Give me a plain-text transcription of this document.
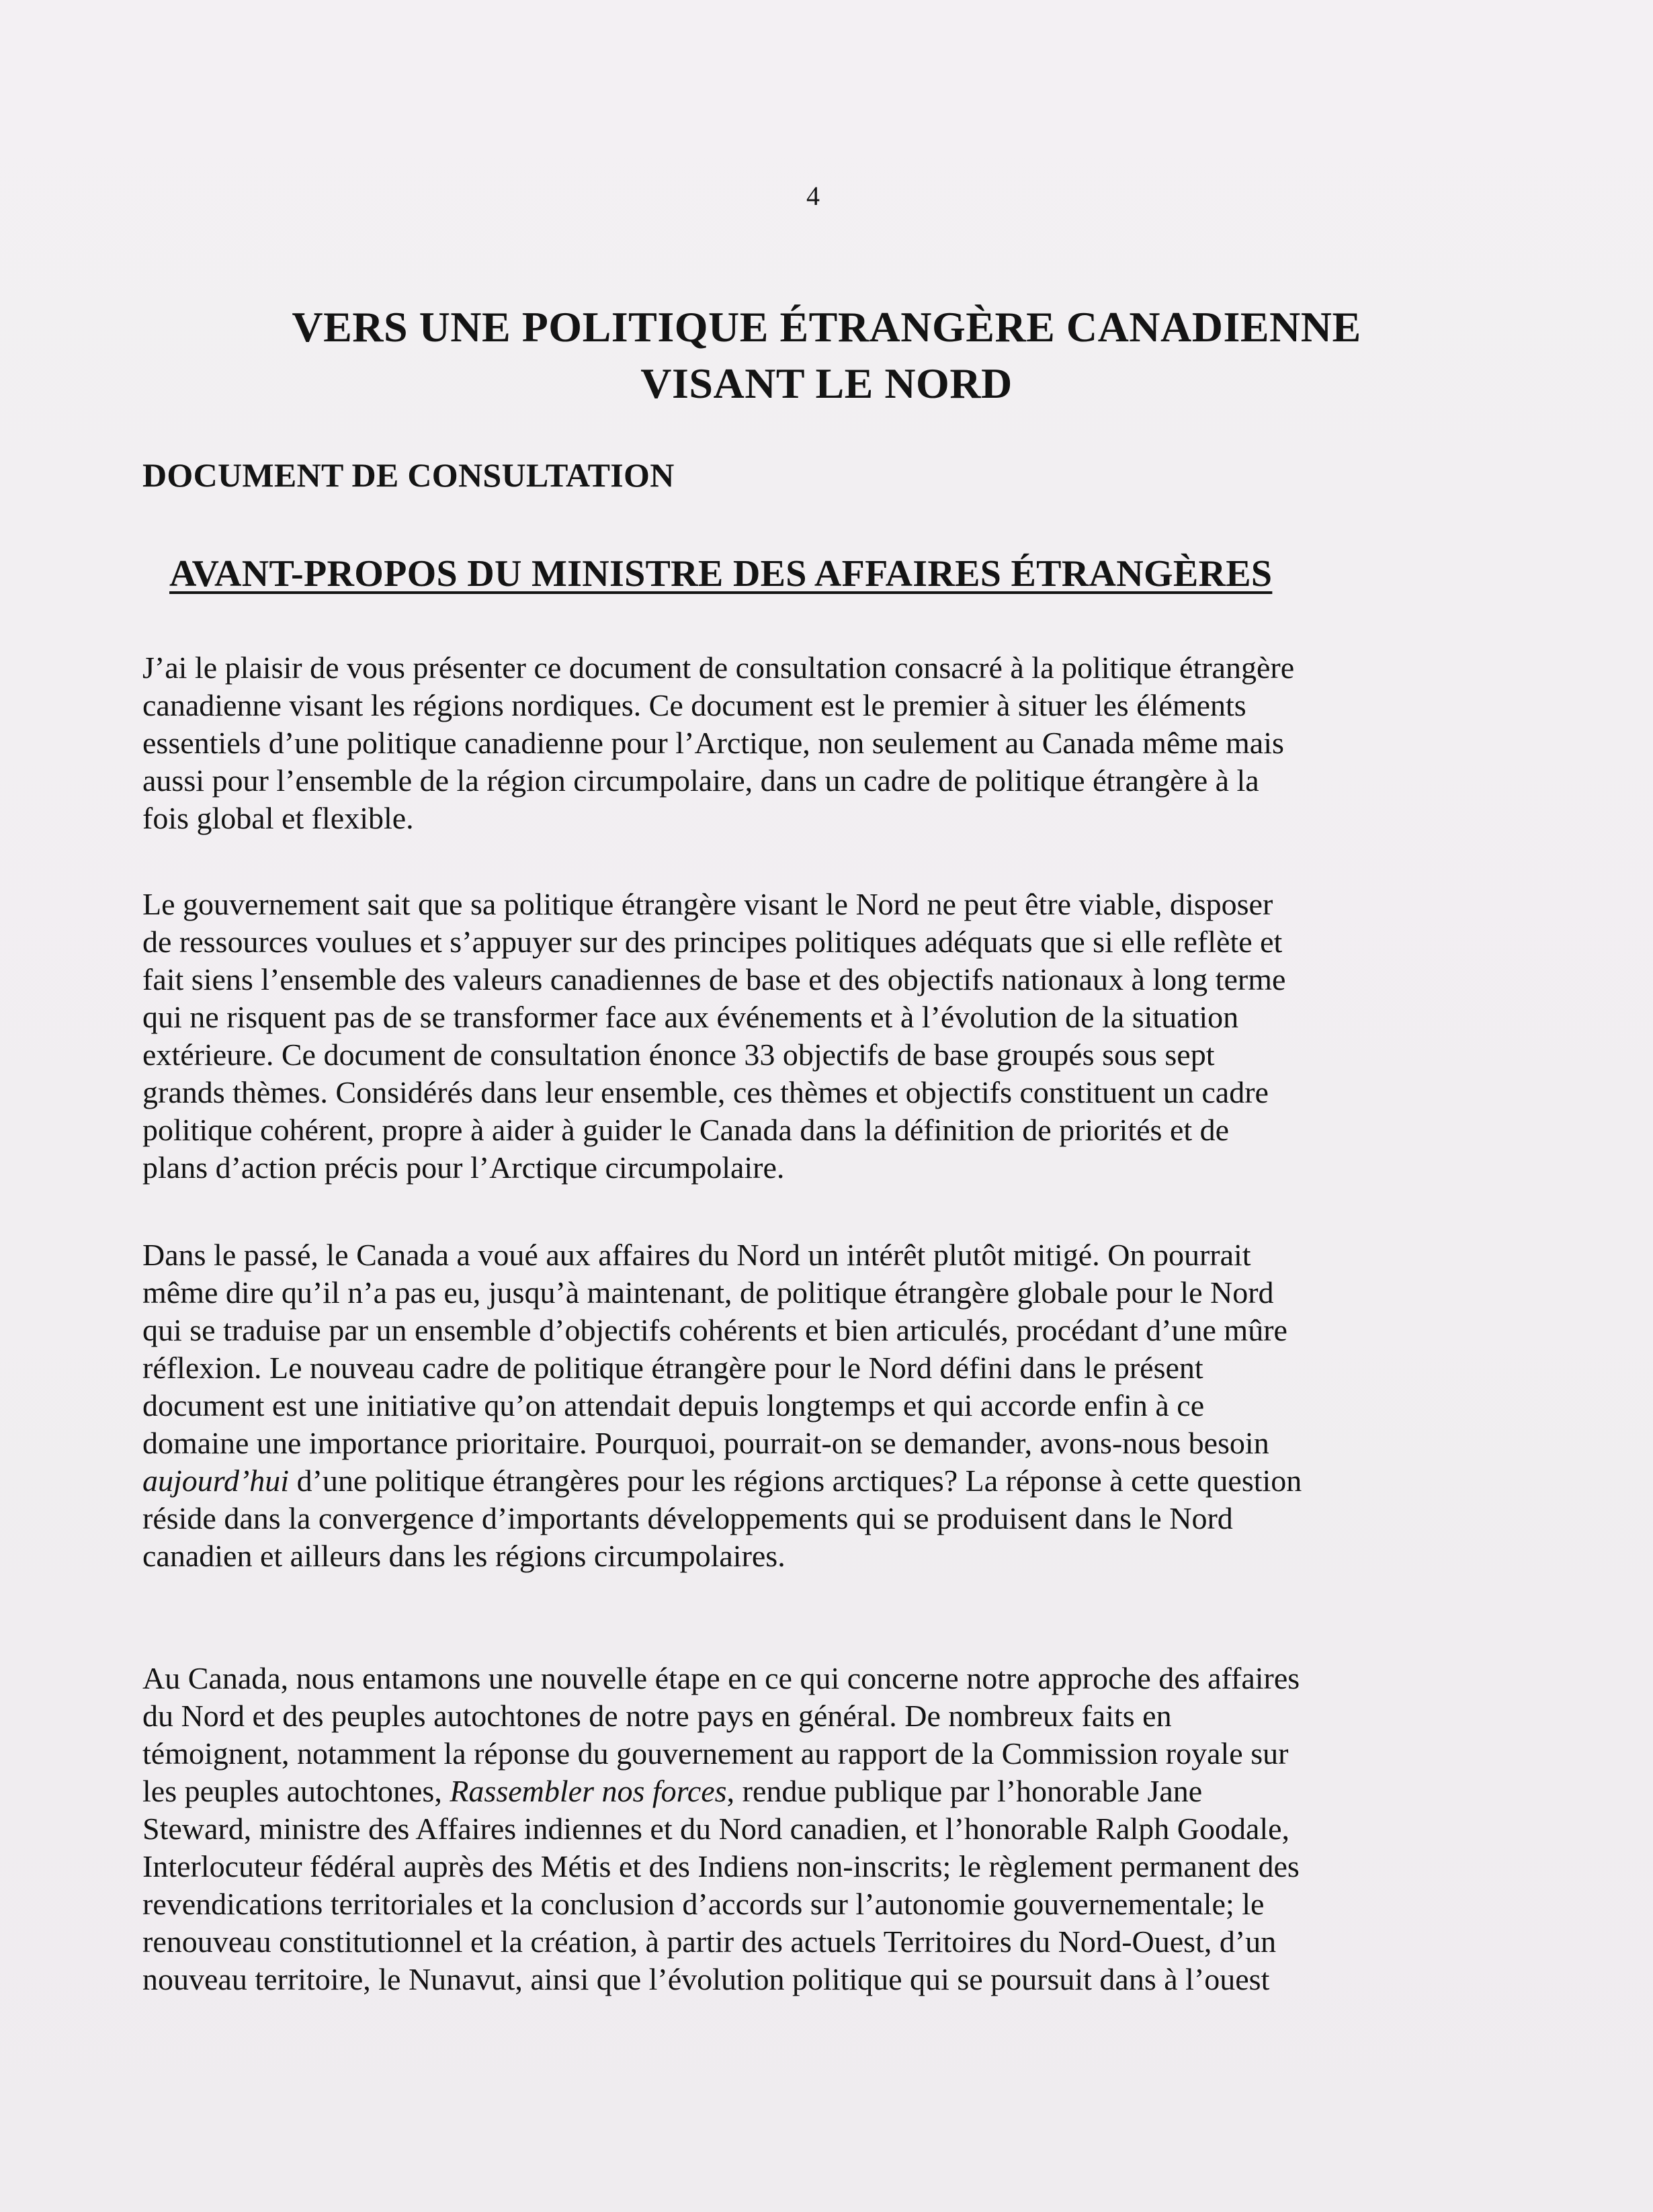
4
VERS UNE POLITIQUE ÉTRANGÈRE CANADIENNE
VISANT LE NORD
DOCUMENT DE CONSULTATION
AVANT-PROPOS DU MINISTRE DES AFFAIRES ÉTRANGÈRES
J’ai le plaisir de vous présenter ce document de consultation consacré à la politique étrangère
canadienne visant les régions nordiques. Ce document est le premier à situer les éléments
essentiels d’une politique canadienne pour l’Arctique, non seulement au Canada même mais
aussi pour l’ensemble de la région circumpolaire, dans un cadre de politique étrangère à la
fois global et flexible.
Le gouvernement sait que sa politique étrangère visant le Nord ne peut être viable, disposer
de ressources voulues et s’appuyer sur des principes politiques adéquats que si elle reflète et
fait siens l’ensemble des valeurs canadiennes de base et des objectifs nationaux à long terme
qui ne risquent pas de se transformer face aux événements et à l’évolution de la situation
extérieure. Ce document de consultation énonce 33 objectifs de base groupés sous sept
grands thèmes. Considérés dans leur ensemble, ces thèmes et objectifs constituent un cadre
politique cohérent, propre à aider à guider le Canada dans la définition de priorités et de
plans d’action précis pour l’Arctique circumpolaire.
Dans le passé, le Canada a voué aux affaires du Nord un intérêt plutôt mitigé. On pourrait
même dire qu’il n’a pas eu, jusqu’à maintenant, de politique étrangère globale pour le Nord
qui se traduise par un ensemble d’objectifs cohérents et bien articulés, procédant d’une mûre
réflexion. Le nouveau cadre de politique étrangère pour le Nord défini dans le présent
document est une initiative qu’on attendait depuis longtemps et qui accorde enfin à ce
domaine une importance prioritaire. Pourquoi, pourrait-on se demander, avons-nous besoin
aujourd’hui d’une politique étrangères pour les régions arctiques? La réponse à cette question
réside dans la convergence d’importants développements qui se produisent dans le Nord
canadien et ailleurs dans les régions circumpolaires.
Au Canada, nous entamons une nouvelle étape en ce qui concerne notre approche des affaires
du Nord et des peuples autochtones de notre pays en général. De nombreux faits en
témoignent, notamment la réponse du gouvernement au rapport de la Commission royale sur
les peuples autochtones, Rassembler nos forces, rendue publique par l’honorable Jane
Steward, ministre des Affaires indiennes et du Nord canadien, et l’honorable Ralph Goodale,
Interlocuteur fédéral auprès des Métis et des Indiens non-inscrits; le règlement permanent des
revendications territoriales et la conclusion d’accords sur l’autonomie gouvernementale; le
renouveau constitutionnel et la création, à partir des actuels Territoires du Nord-Ouest, d’un
nouveau territoire, le Nunavut, ainsi que l’évolution politique qui se poursuit dans à l’ouest
